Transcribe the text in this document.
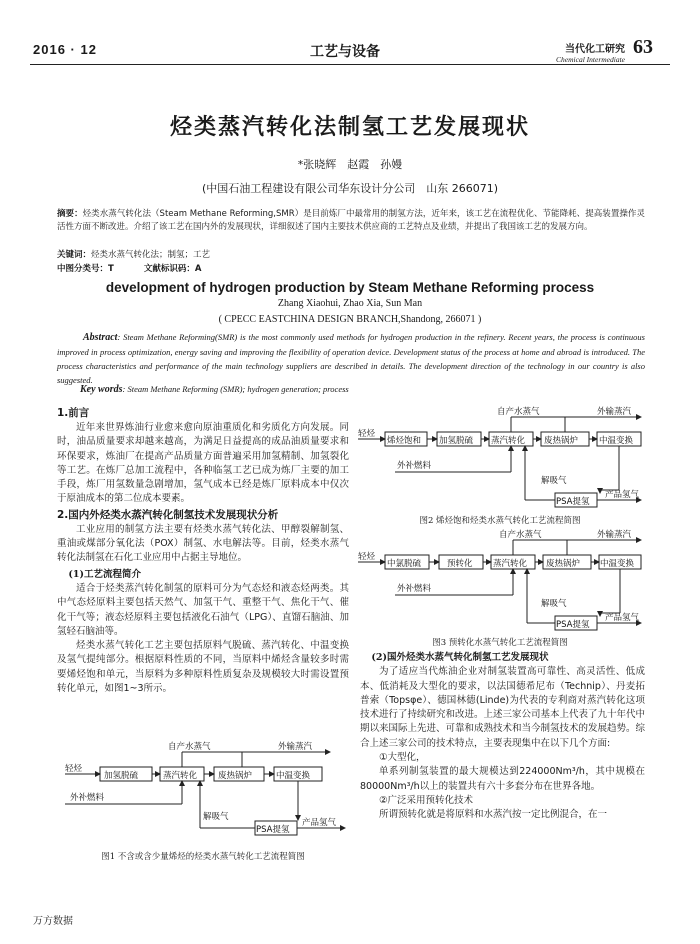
2016 · 12	工艺与设备	当代化工研究
Chemical Intermediate
63
烃类蒸汽转化法制氢工艺发展现状
*张晓辉　赵霞　孙嫚
(中国石油工程建设有限公司华东设计分公司　山东 266071)
摘要：烃类水蒸气转化法（Steam Methane Reforming,SMR）是目前炼厂中最常用的制氢方法，近年来，该工艺在流程优化、节能降耗、提高装置操作灵活性方面不断改进。介绍了该工艺在国内外的发展现状，详细叙述了国内主要技术供应商的工艺特点及业绩，并提出了我国该工艺的发展方向。
关键词：烃类水蒸气转化法；制氢；工艺
中图分类号：T	文献标识码：A
development of hydrogen production by Steam Methane Reforming process
Zhang Xiaohui, Zhao Xia, Sun Man
( CPECC EASTCHINA DESIGN BRANCH,Shandong, 266071 )
Abstract: Steam Methane Reforming(SMR) is the most commonly used methods for hydrogen production in the refinery. Recent years, the process is continuous improved in process optimization, energy saving and improving the flexibility of operation device. Development status of the process at home and abroad is introduced. The process characteristics and performance of the main technology suppliers are described in details. The development direction of the technology in our country is also suggested.
Key words: Steam Methane Reforming (SMR); hydrogen generation; process

1.前言

近年来世界炼油行业愈来愈向原油重质化和劣质化方向发展。同时，油品质量要求却越来越高，为满足日益提高的成品油质量要求和环保要求，炼油厂在提高产品质量方面普遍采用加氢精制、加氢裂化等工艺。在炼厂总加工流程中，各种临氢工艺已成为炼厂主要的加工手段，炼厂用氢数量急剧增加，氢气成本已经是炼厂原料成本中仅次于原油成本的第二位成本要素。

2.国内外烃类水蒸汽转化制氢技术发展现状分析

工业应用的制氢方法主要有烃类水蒸气转化法、甲醇裂解制氢、重油或煤部分氧化法（POX）制氢、水电解法等。目前，烃类水蒸气转化法制氢在石化工业应用中占据主导地位。

(1)工艺流程简介

适合于烃类蒸汽转化制氢的原料可分为气态烃和液态烃两类。其中气态烃原料主要包括天然气、加氢干气、重整干气、焦化干气、催化干气等；液态烃原料主要包括液化石油气（LPG）、直馏石脑油、加氢轻石脑油等。

烃类水蒸气转化工艺主要包括原料气脱硫、蒸汽转化、中温变换及氢气提纯部分。根据原料性质的不同，当原料中烯烃含量较多时需要烯烃饱和单元，当原料为多种原料性质复杂及规模较大时需设置预转化单元，如图1~3所示。

轻烃
加氢脱硫	蒸汽转化 废热锅炉	中温变换
PSA提氢
自产水蒸气	外输蒸汽
外补燃料
解吸气
产品氢气
图1 不含或含少量烯烃的烃类水蒸气转化工艺流程简图
轻烃
烯烃饱和 加氢脱硫 蒸汽转化 废热锅炉 中温变换
PSA提氢
自产水蒸气	外输蒸汽
外补燃料
解吸气
产品氢气
图2 烯烃饱和烃类水蒸气转化工艺流程简图
轻烃
中氯脱硫	预转化 蒸汽转化 废热锅炉 中温变换
PSA提氢
自产水蒸气	外输蒸汽
外补燃料
解吸气
产品氢气
图3 预转化水蒸气转化工艺流程简图

(2)国外烃类水蒸气转化制氢工艺发展现状

为了适应当代炼油企业对制氢装置高可靠性、高灵活性、低成本、低消耗及大型化的要求，以法国德希尼布（Technip）、丹麦拓普索（Topsφe）、德国林德(Linde)为代表的专利商对蒸汽转化这项技术进行了持续研究和改进。上述三家公司基本上代表了九十年代中期以来国际上先进、可靠和成熟技术和当今制氢技术的发展趋势。综合上述三家公司的技术特点，主要表现集中在以下几个方面:

①大型化，

单系列制氢装置的最大规模达到224000Nm³/h，其中规模在80000Nm³/h以上的装置共有六十多套分布在世界各地。

②广泛采用预转化技术

所谓预转化就是将原料和水蒸汽按一定比例混合，在一

万方数据
